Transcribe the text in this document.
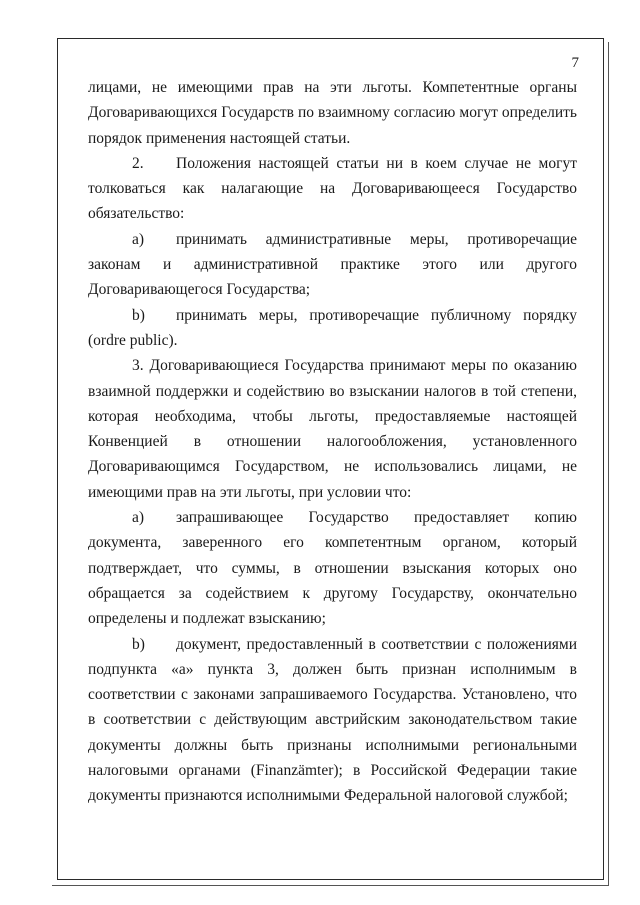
7

лицами, не имеющими прав на эти льготы. Компетентные органы Договаривающихся Государств по взаимному согласию могут определить порядок применения настоящей статьи.

2. Положения настоящей статьи ни в коем случае не могут толковаться как налагающие на Договаривающееся Государство обязательство:

a) принимать административные меры, противоречащие законам и административной практике этого или другого Договаривающегося Государства;

b) принимать меры, противоречащие публичному порядку (ordre public).

3. Договаривающиеся Государства принимают меры по оказанию взаимной поддержки и содействию во взыскании налогов в той степени, которая необходима, чтобы льготы, предоставляемые настоящей Конвенцией в отношении налогообложения, установленного Договаривающимся Государством, не использовались лицами, не имеющими прав на эти льготы, при условии что:

a) запрашивающее Государство предоставляет копию документа, заверенного его компетентным органом, который подтверждает, что суммы, в отношении взыскания которых оно обращается за содействием к другому Государству, окончательно определены и подлежат взысканию;

b) документ, предоставленный в соответствии с положениями подпункта «а» пункта 3, должен быть признан исполнимым в соответствии с законами запрашиваемого Государства. Установлено, что в соответствии с действующим австрийским законодательством такие документы должны быть признаны исполнимыми региональными налоговыми органами (Finanzämter); в Российской Федерации такие документы признаются исполнимыми Федеральной налоговой службой;
